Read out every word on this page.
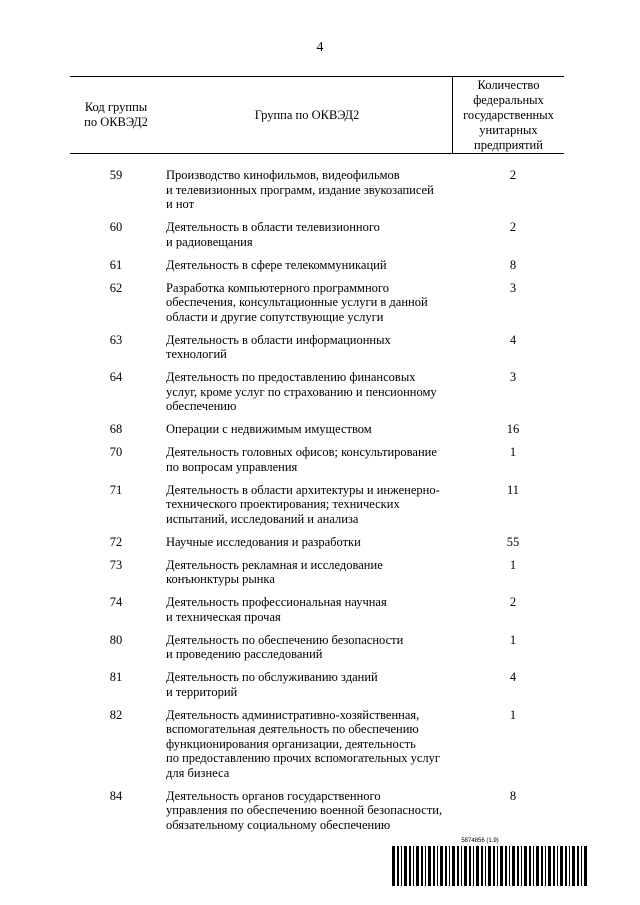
4
Код группы
по ОКВЭД2
Группа по ОКВЭД2
Количество
федеральных
государственных
унитарных
предприятий
59	Производство кинофильмов, видеофильмов
и телевизионных программ, издание звукозаписей
и нот
2
60	Деятельность в области телевизионного
и радиовещания
2
61	Деятельность в сфере телекоммуникаций	8
62	Разработка компьютерного программного
обеспечения, консультационные услуги в данной
области и другие сопутствующие услуги
3
63	Деятельность в области информационных
технологий
4
64	Деятельность по предоставлению финансовых
услуг, кроме услуг по страхованию и пенсионному
обеспечению
3
68	Операции с недвижимым имуществом	16
70	Деятельность головных офисов; консультирование
по вопросам управления
1
71	Деятельность в области архитектуры и инженерно-
технического проектирования; технических
испытаний, исследований и анализа
11
72	Научные исследования и разработки	55
73	Деятельность рекламная и исследование
конъюнктуры рынка
1
74	Деятельность профессиональная научная
и техническая прочая
2
80	Деятельность по обеспечению безопасности
и проведению расследований
1
81	Деятельность по обслуживанию зданий
и территорий
4
82	Деятельность административно-хозяйственная,
вспомогательная деятельность по обеспечению
функционирования организации, деятельность
по предоставлению прочих вспомогательных услуг
для бизнеса
1
84	Деятельность органов государственного
управления по обеспечению военной безопасности,
обязательному социальному обеспечению
8
5874856 (1.9)
